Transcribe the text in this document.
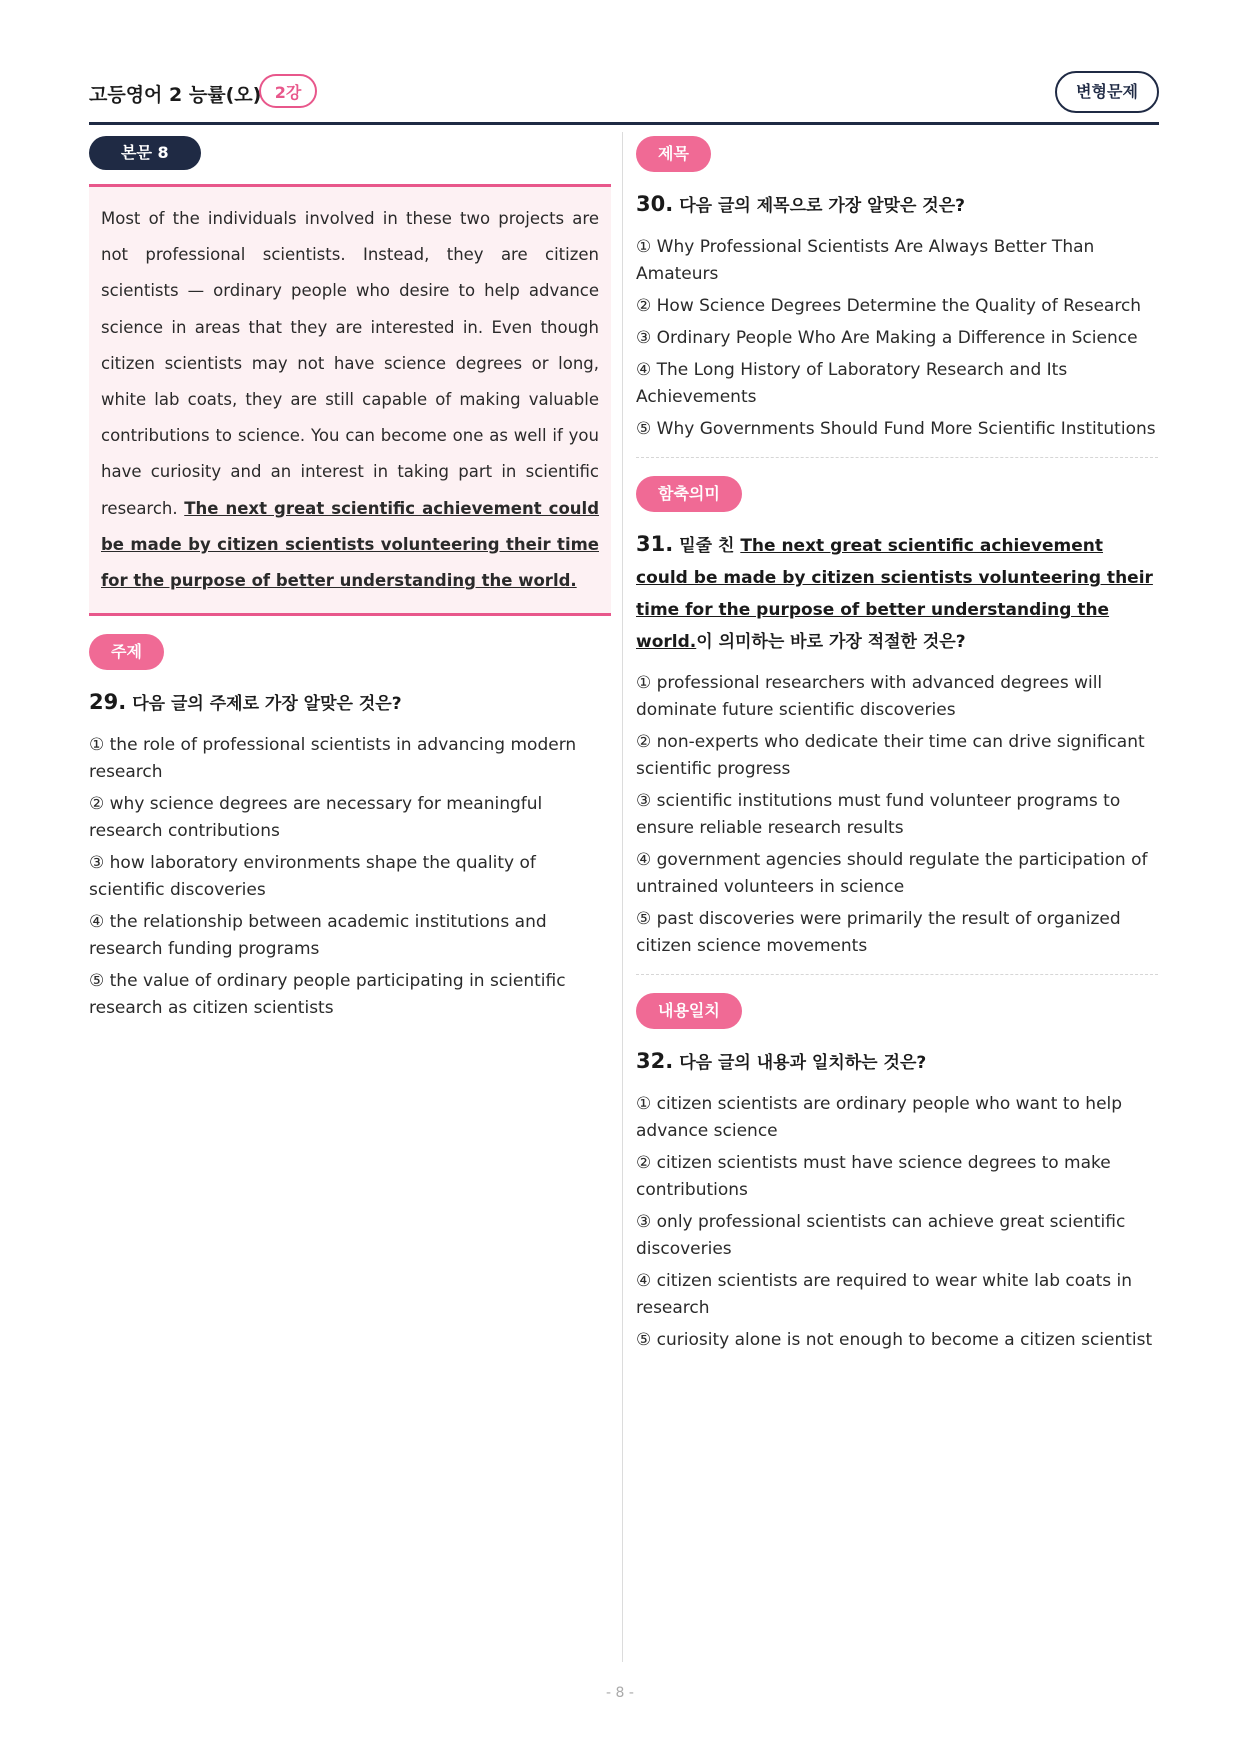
고등영어 2 능률(오) 2강	변형문제
본문 8
Most of the individuals involved in these two projects are not professional scientists. Instead, they are citizen scientists — ordinary people who desire to help advance science in areas that they are interested in. Even though citizen scientists may not have science degrees or long, white lab coats, they are still capable of making valuable contributions to science. You can become one as well if you have curiosity and an interest in taking part in scientific research. The next great scientific achievement could be made by citizen scientists volunteering their time for the purpose of better understanding the world.
주제
29. 다음 글의 주제로 가장 알맞은 것은?
① the role of professional scientists in advancing modern research
② why science degrees are necessary for meaningful research contributions
③ how laboratory environments shape the quality of scientific discoveries
④ the relationship between academic institutions and research funding programs
⑤ the value of ordinary people participating in scientific research as citizen scientists
제목
30. 다음 글의 제목으로 가장 알맞은 것은?
① Why Professional Scientists Are Always Better Than Amateurs
② How Science Degrees Determine the Quality of Research
③ Ordinary People Who Are Making a Difference in Science
④ The Long History of Laboratory Research and Its Achievements
⑤ Why Governments Should Fund More Scientific Institutions
함축의미
31. 밑줄 친 The next great scientific achievement could be made by citizen scientists volunteering their time for the purpose of better understanding the world.이 의미하는 바로 가장 적절한 것은?
① professional researchers with advanced degrees will dominate future scientific discoveries
② non-experts who dedicate their time can drive significant scientific progress
③ scientific institutions must fund volunteer programs to ensure reliable research results
④ government agencies should regulate the participation of untrained volunteers in science
⑤ past discoveries were primarily the result of organized citizen science movements
내용일치
32. 다음 글의 내용과 일치하는 것은?
① citizen scientists are ordinary people who want to help advance science
② citizen scientists must have science degrees to make contributions
③ only professional scientists can achieve great scientific discoveries
④ citizen scientists are required to wear white lab coats in research
⑤ curiosity alone is not enough to become a citizen scientist
- 8 -
